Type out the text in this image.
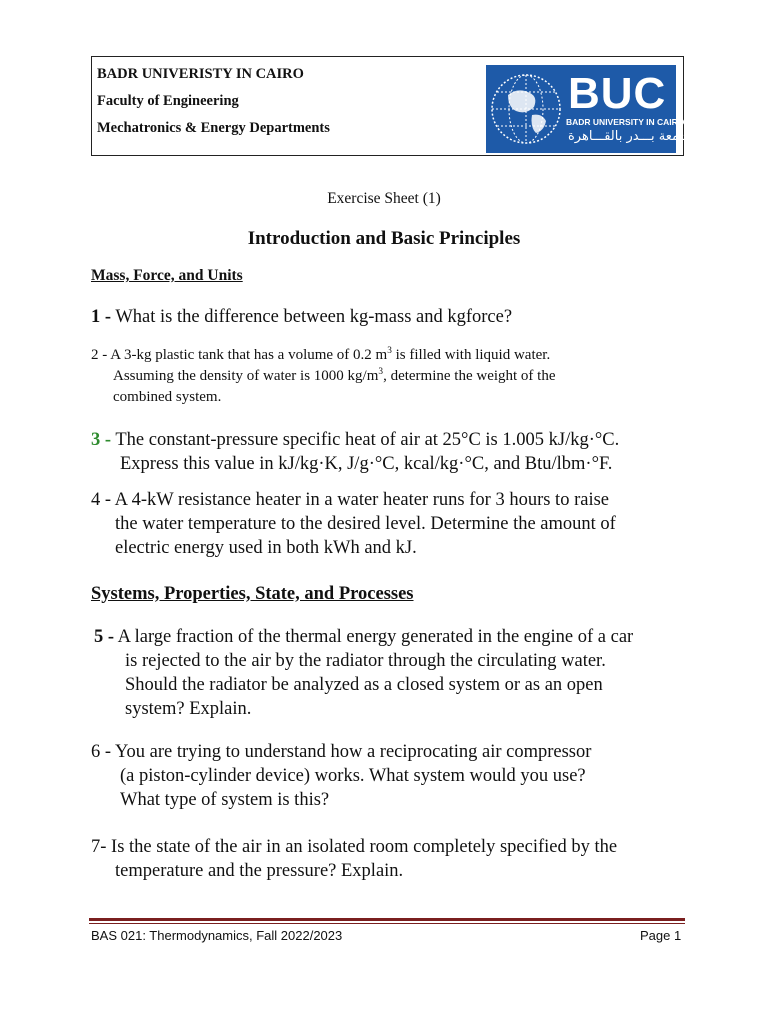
BADR UNIVERISTY IN CAIRO
Faculty of Engineering
Mechatronics & Energy Departments
BUC
BADR UNIVERSITY IN CAIRO
جامعة بـــدر بالقـــاهرة
Exercise Sheet (1)
Introduction and Basic Principles
Mass, Force, and Units
1 - What is the difference between kg-mass and kgforce?
2 - A 3-kg plastic tank that has a volume of 0.2 $m^3$ is filled with liquid water.
Assuming the density of water is 1000 $kg/m^3$, determine the weight of the
combined system.
3 - The constant-pressure specific heat of air at 25°C is 1.005 kJ/kg·°C.
Express this value in kJ/kg·K, J/g·°C, kcal/kg·°C, and Btu/lbm·°F.
4 - A 4-kW resistance heater in a water heater runs for 3 hours to raise
the water temperature to the desired level. Determine the amount of
electric energy used in both kWh and kJ.
Systems, Properties, State, and Processes
5 - A large fraction of the thermal energy generated in the engine of a car
is rejected to the air by the radiator through the circulating water.
Should the radiator be analyzed as a closed system or as an open
system? Explain.
6 - You are trying to understand how a reciprocating air compressor
(a piston-cylinder device) works. What system would you use?
What type of system is this?
7- Is the state of the air in an isolated room completely specified by the
temperature and the pressure? Explain.
BAS 021: Thermodynamics, Fall 2022/2023	Page 1
